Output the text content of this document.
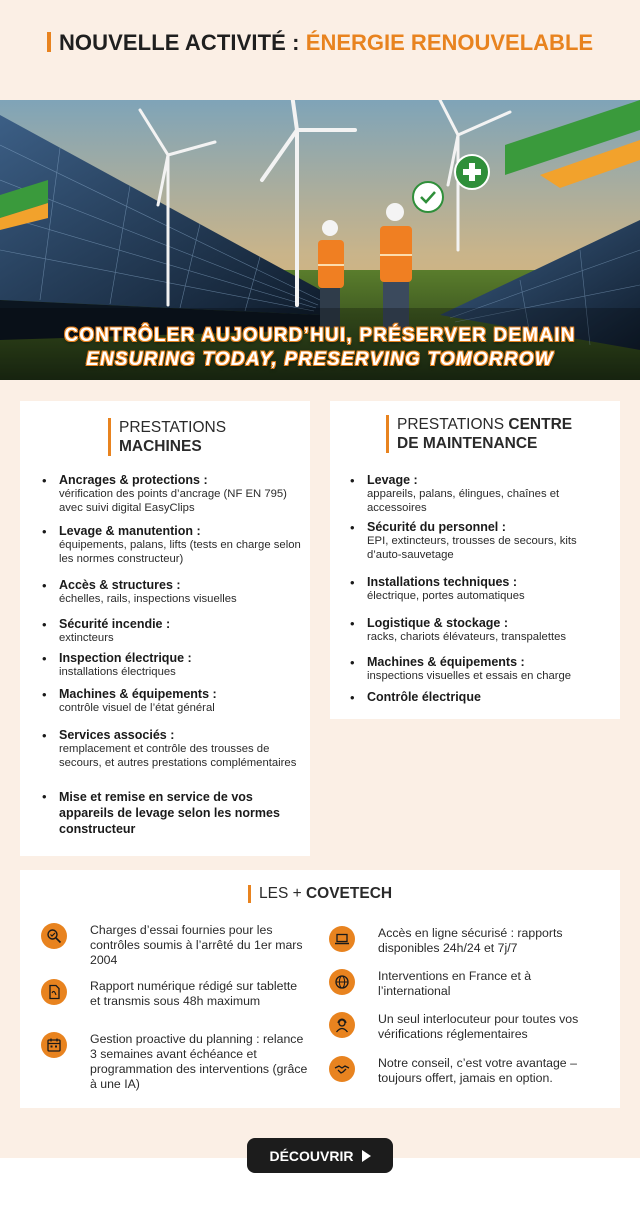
NOUVELLE ACTIVITÉ : ÉNERGIE RENOUVELABLE
CONTRÔLER AUJOURD’HUI, PRÉSERVER DEMAIN
ENSURING TODAY, PRESERVING TOMORROW
PRESTATIONS
MACHINES
• Ancrages & protections :
vérification des points d’ancrage (NF EN 795) avec suivi digital EasyClips
• Levage & manutention :
équipements, palans, lifts (tests en charge selon les normes constructeur)
• Accès & structures :
échelles, rails, inspections visuelles
• Sécurité incendie :
extincteurs
• Inspection électrique :
installations électriques
• Machines & équipements :
contrôle visuel de l’état général
• Services associés :
remplacement et contrôle des trousses de secours, et autres prestations complémentaires
• Mise et remise en service de vos appareils de levage selon les normes constructeur
PRESTATIONS CENTRE
DE MAINTENANCE
• Levage :
appareils, palans, élingues, chaînes et accessoires
• Sécurité du personnel :
EPI, extincteurs, trousses de secours, kits d’auto-sauvetage
• Installations techniques :
électrique, portes automatiques
• Logistique & stockage :
racks, chariots élévateurs, transpalettes
• Machines & équipements :
inspections visuelles et essais en charge
• Contrôle électrique
LES + COVETECH
Charges d’essai fournies pour les contrôles soumis à l’arrêté du 1er mars 2004
Rapport numérique rédigé sur tablette et transmis sous 48h maximum
Gestion proactive du planning : relance 3 semaines avant échéance et programmation des interventions (grâce à une IA)
Accès en ligne sécurisé : rapports disponibles 24h/24 et 7j/7
Interventions en France et à l’international
Un seul interlocuteur pour toutes vos vérifications réglementaires
Notre conseil, c’est votre avantage – toujours offert, jamais en option.
DÉCOUVRIR
